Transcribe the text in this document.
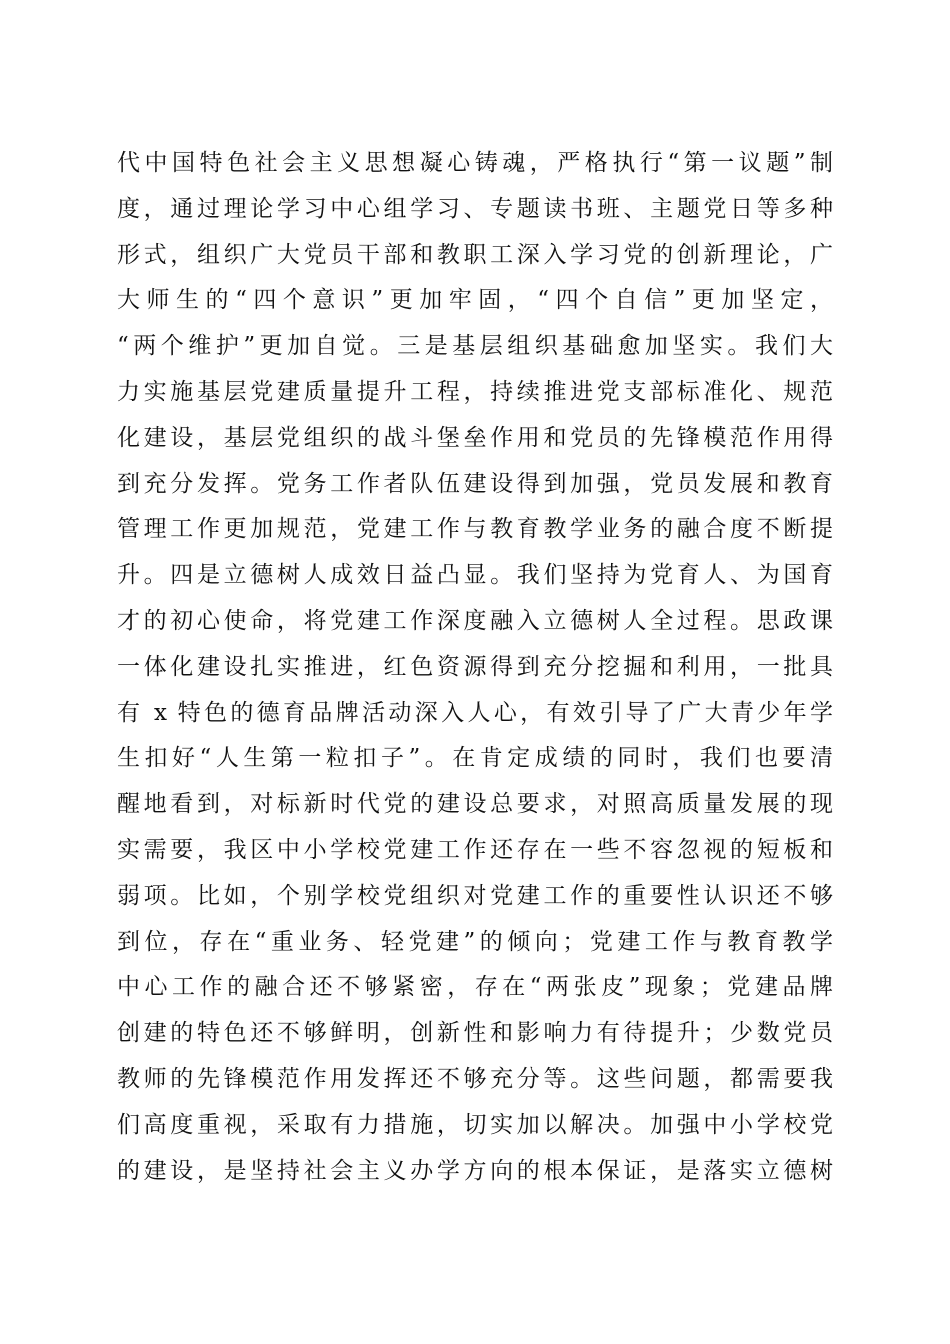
代中国特色社会主义思想凝心铸魂，严格执行“第一议题”制
度，通过理论学习中心组学习、专题读书班、主题党日等多种
形式，组织广大党员干部和教职工深入学习党的创新理论，广
大师生的“四个意识”更加牢固，“四个自信”更加坚定，
“两个维护”更加自觉。三是基层组织基础愈加坚实。我们大
力实施基层党建质量提升工程，持续推进党支部标准化、规范
化建设，基层党组织的战斗堡垒作用和党员的先锋模范作用得
到充分发挥。党务工作者队伍建设得到加强，党员发展和教育
管理工作更加规范，党建工作与教育教学业务的融合度不断提
升。四是立德树人成效日益凸显。我们坚持为党育人、为国育
才的初心使命，将党建工作深度融入立德树人全过程。思政课
一体化建设扎实推进，红色资源得到充分挖掘和利用，一批具
有 x 特色的德育品牌活动深入人心，有效引导了广大青少年学
生扣好“人生第一粒扣子”。在肯定成绩的同时，我们也要清
醒地看到，对标新时代党的建设总要求，对照高质量发展的现
实需要，我区中小学校党建工作还存在一些不容忽视的短板和
弱项。比如，个别学校党组织对党建工作的重要性认识还不够
到位，存在“重业务、轻党建”的倾向；党建工作与教育教学
中心工作的融合还不够紧密，存在“两张皮”现象；党建品牌
创建的特色还不够鲜明，创新性和影响力有待提升；少数党员
教师的先锋模范作用发挥还不够充分等。这些问题，都需要我
们高度重视，采取有力措施，切实加以解决。加强中小学校党
的建设，是坚持社会主义办学方向的根本保证，是落实立德树
